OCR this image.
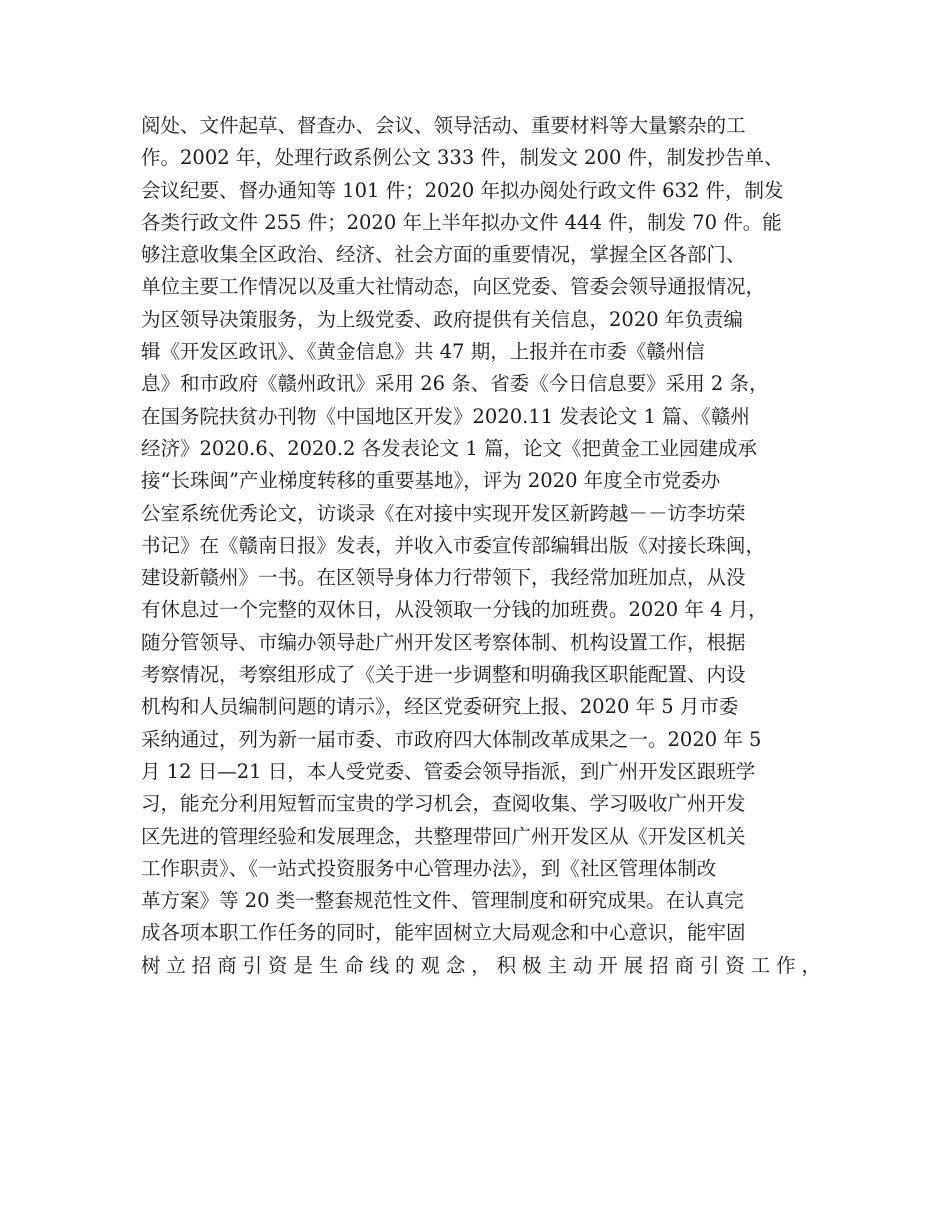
阅处、文件起草、督查办、会议、领导活动、重要材料等大量繁杂的工
作。2002 年，处理行政系例公文 333 件，制发文 200 件，制发抄告单、
会议纪要、督办通知等 101 件；2020 年拟办阅处行政文件 632 件，制发
各类行政文件 255 件；2020 年上半年拟办文件 444 件，制发 70 件。能
够注意收集全区政治、经济、社会方面的重要情况，掌握全区各部门、
单位主要工作情况以及重大社情动态，向区党委、管委会领导通报情况，
为区领导决策服务，为上级党委、政府提供有关信息，2020 年负责编
辑《开发区政讯》、《黄金信息》共 47 期，上报并在市委《赣州信
息》和市政府《赣州政讯》采用 26 条、省委《今日信息要》采用 2 条，
在国务院扶贫办刊物《中国地区开发》2020.11 发表论文 1 篇、《赣州
经济》2020.6、2020.2 各发表论文 1 篇，论文《把黄金工业园建成承
接“长珠闽”产业梯度转移的重要基地》，评为 2020 年度全市党委办
公室系统优秀论文，访谈录《在对接中实现开发区新跨越－－访李坊荣
书记》在《赣南日报》发表，并收入市委宣传部编辑出版《对接长珠闽，
建设新赣州》一书。在区领导身体力行带领下，我经常加班加点，从没
有休息过一个完整的双休日，从没领取一分钱的加班费。2020 年 4 月，
随分管领导、市编办领导赴广州开发区考察体制、机构设置工作，根据
考察情况，考察组形成了《关于进一步调整和明确我区职能配置、内设
机构和人员编制问题的请示》，经区党委研究上报、2020 年 5 月市委
采纳通过，列为新一届市委、市政府四大体制改革成果之一。2020 年 5
月 12 日—21 日，本人受党委、管委会领导指派，到广州开发区跟班学
习，能充分利用短暂而宝贵的学习机会，查阅收集、学习吸收广州开发
区先进的管理经验和发展理念，共整理带回广州开发区从《开发区机关
工作职责》、《一站式投资服务中心管理办法》，到《社区管理体制改
革方案》等 20 类一整套规范性文件、管理制度和研究成果。在认真完
成各项本职工作任务的同时，能牢固树立大局观念和中心意识，能牢固
树立招商引资是生命线的观念，积极主动开展招商引资工作，
